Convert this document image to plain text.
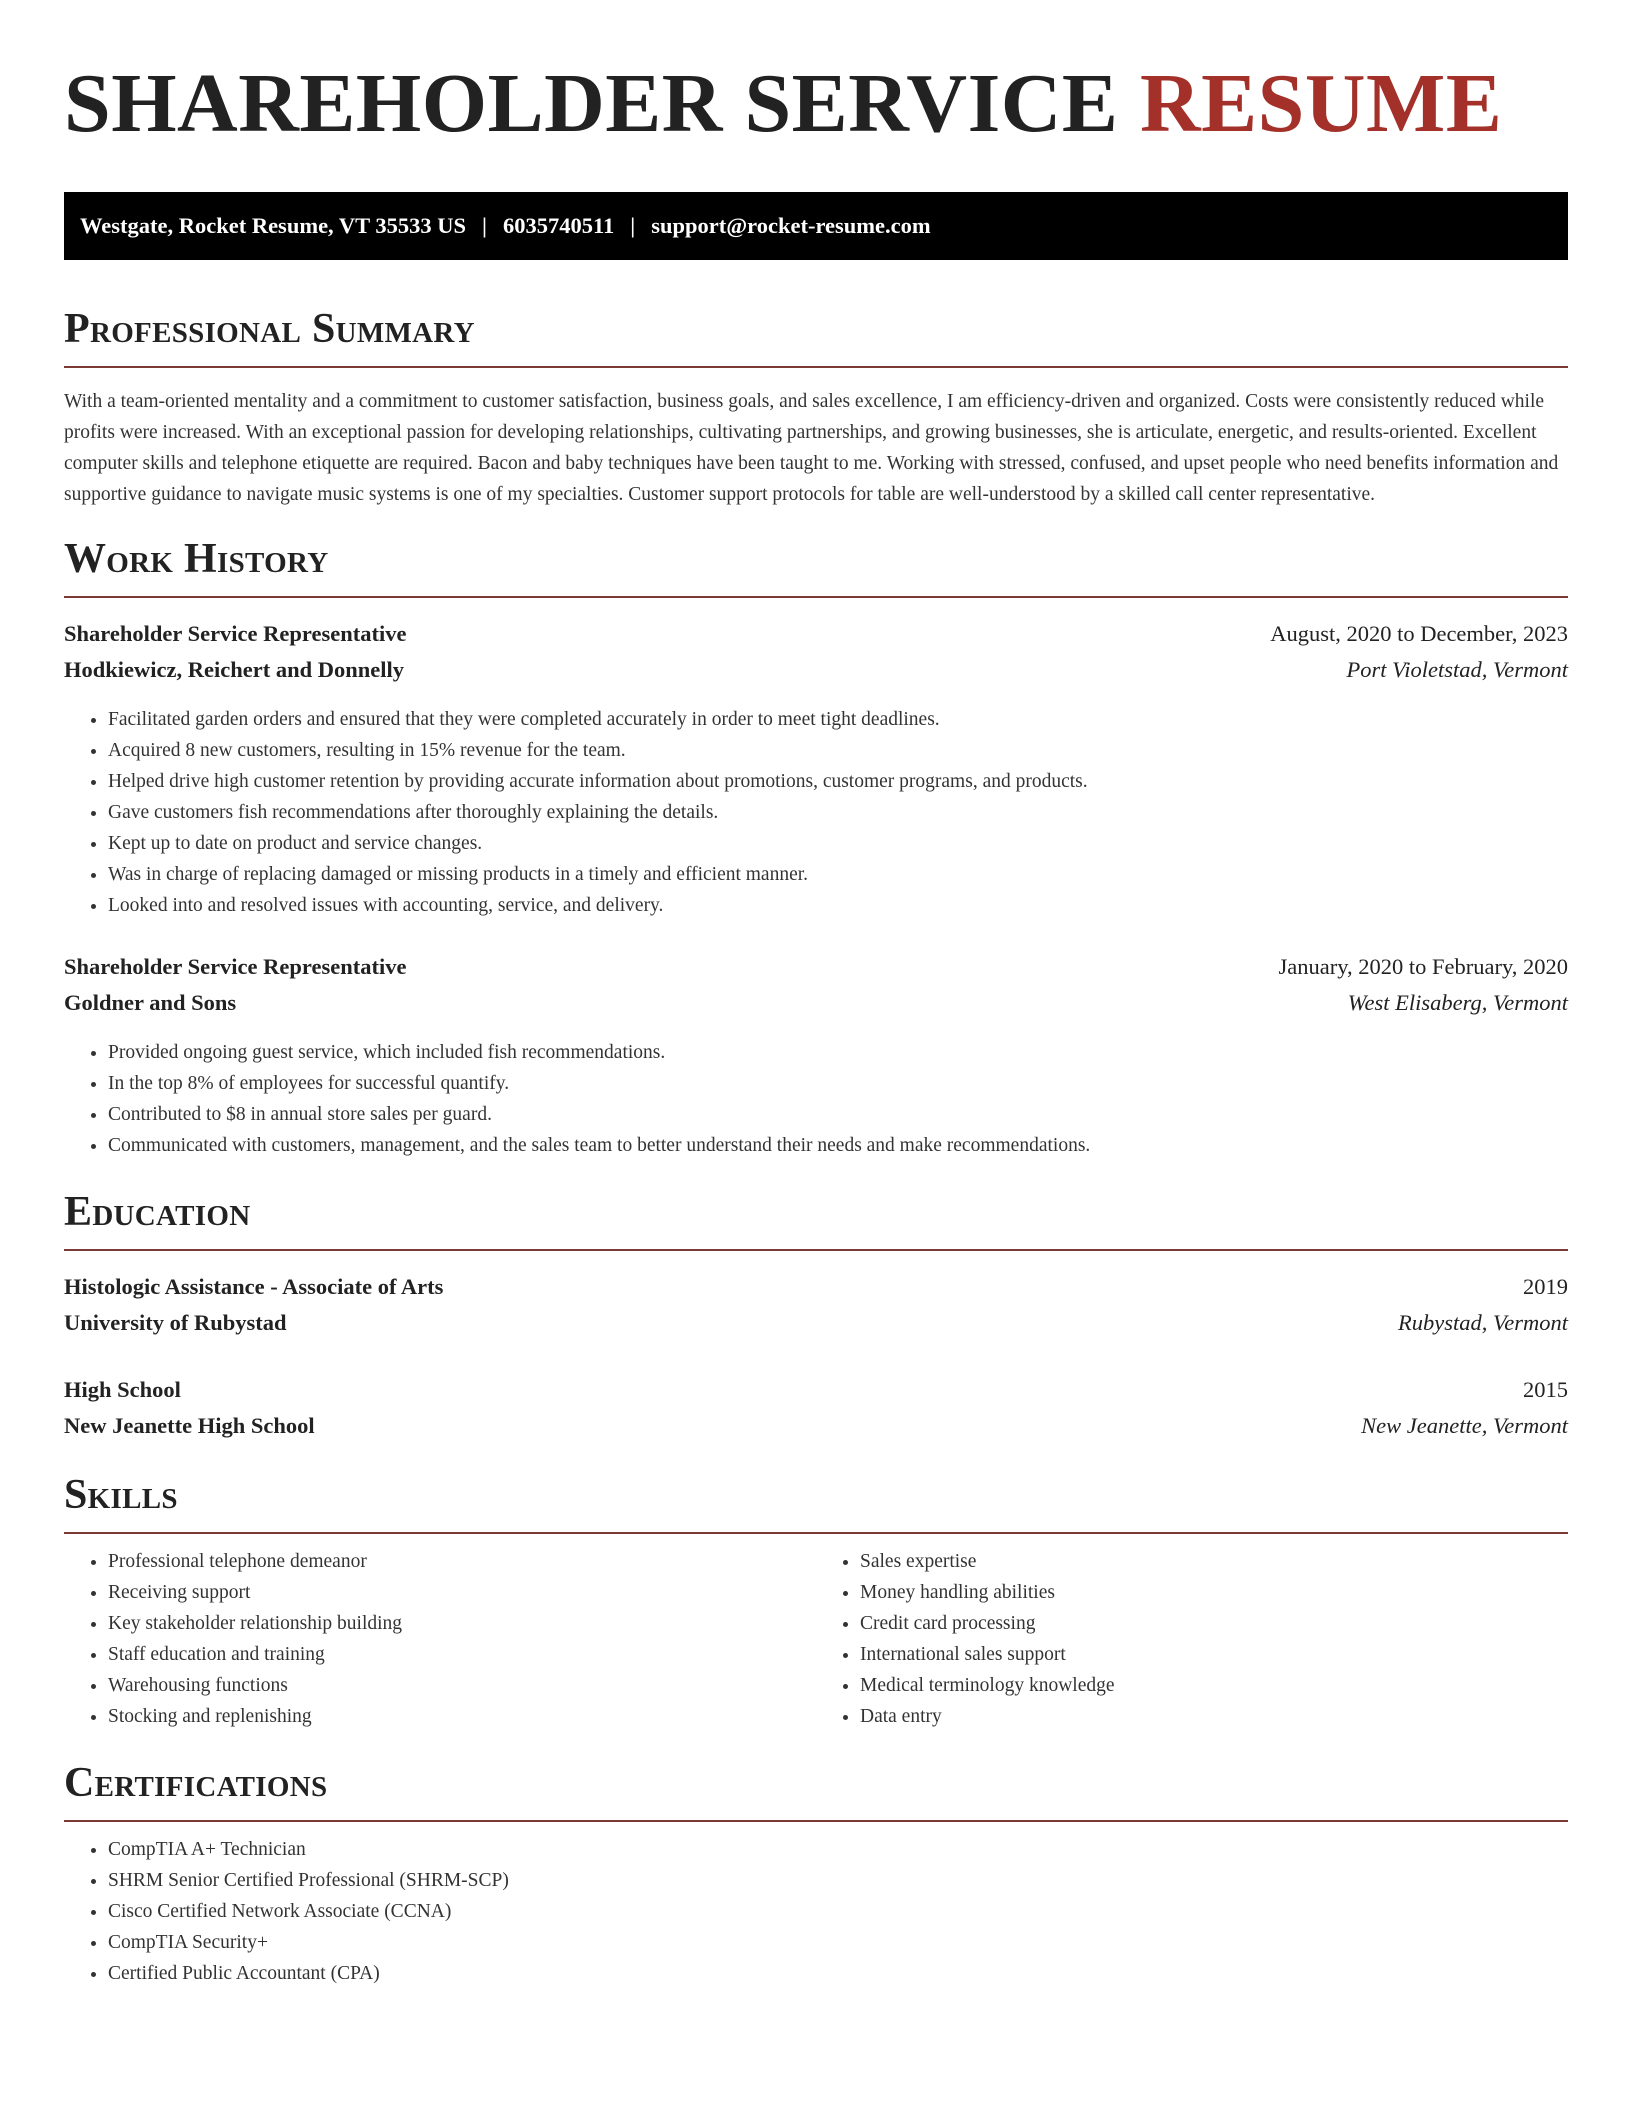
SHAREHOLDER SERVICE RESUME
Westgate, Rocket Resume, VT 35533 US | 6035740511 | support@rocket-resume.com
Professional Summary

With a team-oriented mentality and a commitment to customer satisfaction, business goals, and sales excellence, I am efficiency-driven and organized. Costs were consistently reduced while profits were increased. With an exceptional passion for developing relationships, cultivating partnerships, and growing businesses, she is articulate, energetic, and results-oriented. Excellent computer skills and telephone etiquette are required. Bacon and baby techniques have been taught to me. Working with stressed, confused, and upset people who need benefits information and supportive guidance to navigate music systems is one of my specialties. Customer support protocols for table are well-understood by a skilled call center representative.

Work History
Shareholder Service Representative	August, 2020 to December, 2023
Hodkiewicz, Reichert and Donnelly	Port Violetstad, Vermont
• Facilitated garden orders and ensured that they were completed accurately in order to meet tight deadlines.
• Acquired 8 new customers, resulting in 15% revenue for the team.
• Helped drive high customer retention by providing accurate information about promotions, customer programs, and products.
• Gave customers fish recommendations after thoroughly explaining the details.
• Kept up to date on product and service changes.
• Was in charge of replacing damaged or missing products in a timely and efficient manner.
• Looked into and resolved issues with accounting, service, and delivery.
Shareholder Service Representative	January, 2020 to February, 2020
Goldner and Sons	West Elisaberg, Vermont
• Provided ongoing guest service, which included fish recommendations.
• In the top 8% of employees for successful quantify.
• Contributed to $8 in annual store sales per guard.
• Communicated with customers, management, and the sales team to better understand their needs and make recommendations.
Education
Histologic Assistance - Associate of Arts	2019
University of Rubystad	Rubystad, Vermont
High School	2015
New Jeanette High School	New Jeanette, Vermont
Skills
• Professional telephone demeanor
• Receiving support
• Key stakeholder relationship building
• Staff education and training
• Warehousing functions
• Stocking and replenishing
• Sales expertise
• Money handling abilities
• Credit card processing
• International sales support
• Medical terminology knowledge
• Data entry
Certifications
• CompTIA A+ Technician
• SHRM Senior Certified Professional (SHRM-SCP)
• Cisco Certified Network Associate (CCNA)
• CompTIA Security+
• Certified Public Accountant (CPA)
